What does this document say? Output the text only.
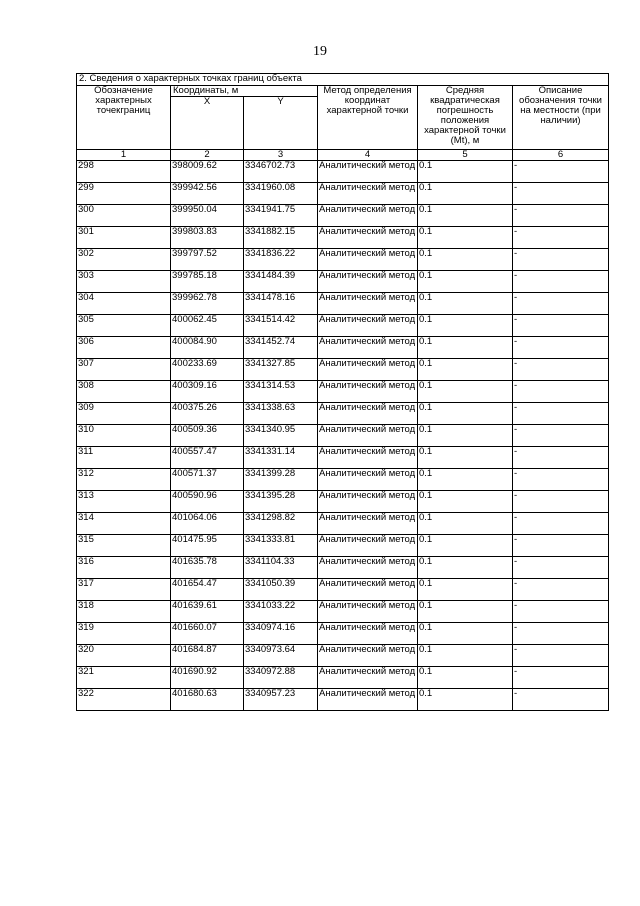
19
2. Сведения о характерных точках границ объекта					
Обозначение характерных точекграниц	Координаты, м		Метод определения координат характерной точки	Средняя квадратическая погрешность положения характерной точки (Mt), м	Описание обозначения точки на местности (при наличии)
	X	Y			
1	2	3	4	5	6
298	398009.62	3346702.73	Аналитический метод	0.1	-
299	399942.56	3341960.08	Аналитический метод	0.1	-
300	399950.04	3341941.75	Аналитический метод	0.1	-
301	399803.83	3341882.15	Аналитический метод	0.1	-
302	399797.52	3341836.22	Аналитический метод	0.1	-
303	399785.18	3341484.39	Аналитический метод	0.1	-
304	399962.78	3341478.16	Аналитический метод	0.1	-
305	400062.45	3341514.42	Аналитический метод	0.1	-
306	400084.90	3341452.74	Аналитический метод	0.1	-
307	400233.69	3341327.85	Аналитический метод	0.1	-
308	400309.16	3341314.53	Аналитический метод	0.1	-
309	400375.26	3341338.63	Аналитический метод	0.1	-
310	400509.36	3341340.95	Аналитический метод	0.1	-
311	400557.47	3341331.14	Аналитический метод	0.1	-
312	400571.37	3341399.28	Аналитический метод	0.1	-
313	400590.96	3341395.28	Аналитический метод	0.1	-
314	401064.06	3341298.82	Аналитический метод	0.1	-
315	401475.95	3341333.81	Аналитический метод	0.1	-
316	401635.78	3341104.33	Аналитический метод	0.1	-
317	401654.47	3341050.39	Аналитический метод	0.1	-
318	401639.61	3341033.22	Аналитический метод	0.1	-
319	401660.07	3340974.16	Аналитический метод	0.1	-
320	401684.87	3340973.64	Аналитический метод	0.1	-
321	401690.92	3340972.88	Аналитический метод	0.1	-
322	401680.63	3340957.23	Аналитический метод	0.1	-
